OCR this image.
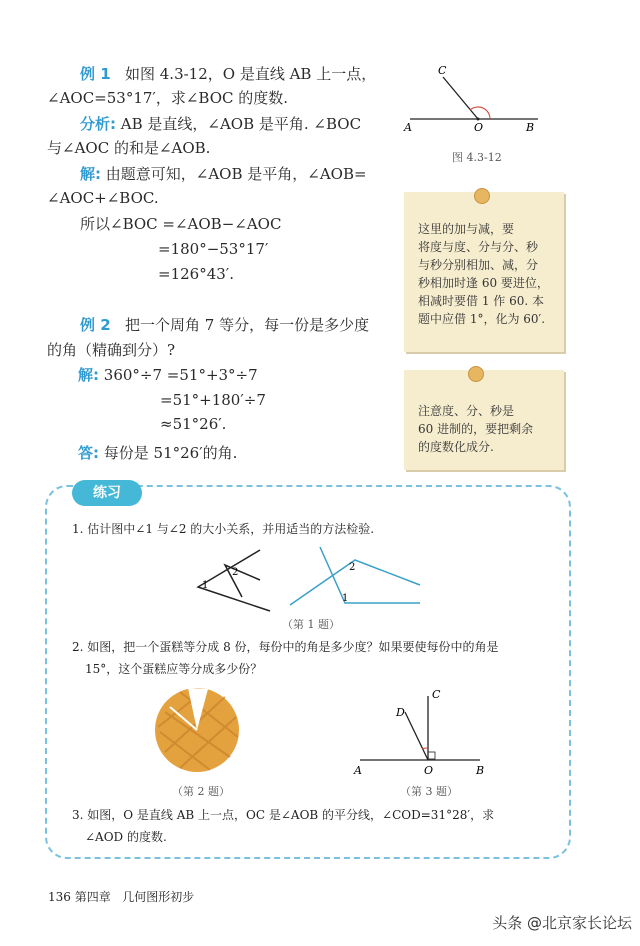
例 1 如图 4.3-12，O 是直线 AB 上一点，
∠AOC=53°17′，求∠BOC 的度数.
分析: AB 是直线，∠AOB 是平角. ∠BOC
与∠AOC 的和是∠AOB.
解: 由题意可知，∠AOB 是平角，∠AOB=
∠AOC+∠BOC.
所以∠BOC =∠AOB−∠AOC
=180°−53°17′
=126°43′.
C
A	O	B
图 4.3-12
这里的加与减，要
将度与度、分与分、秒
与秒分别相加、减，分
秒相加时逢 60 要进位，
相减时要借 1 作 60. 本
题中应借 1°，化为 60′.
例 2 把一个周角 7 等分，每一份是多少度
的角（精确到分）?
解: 360°÷7 =51°+3°÷7
=51°+180′÷7
≈51°26′.
答: 每份是 51°26′的角.
注意度、分、秒是
60 进制的，要把剩余
的度数化成分.
练习
1. 估计图中∠1 与∠2 的大小关系，并用适当的方法检验.
1
2	2
1
（第 1 题）
2. 如图，把一个蛋糕等分成 8 份，每份中的角是多少度？如果要使每份中的角是
15°，这个蛋糕应等分成多少份？
（第 2 题）
D
C
A	O	B
（第 3 题）
3. 如图，O 是直线 AB 上一点，OC 是∠AOB 的平分线，∠COD=31°28′，求
∠AOD 的度数.
136 第四章 几何图形初步
头条 @北京家长论坛
